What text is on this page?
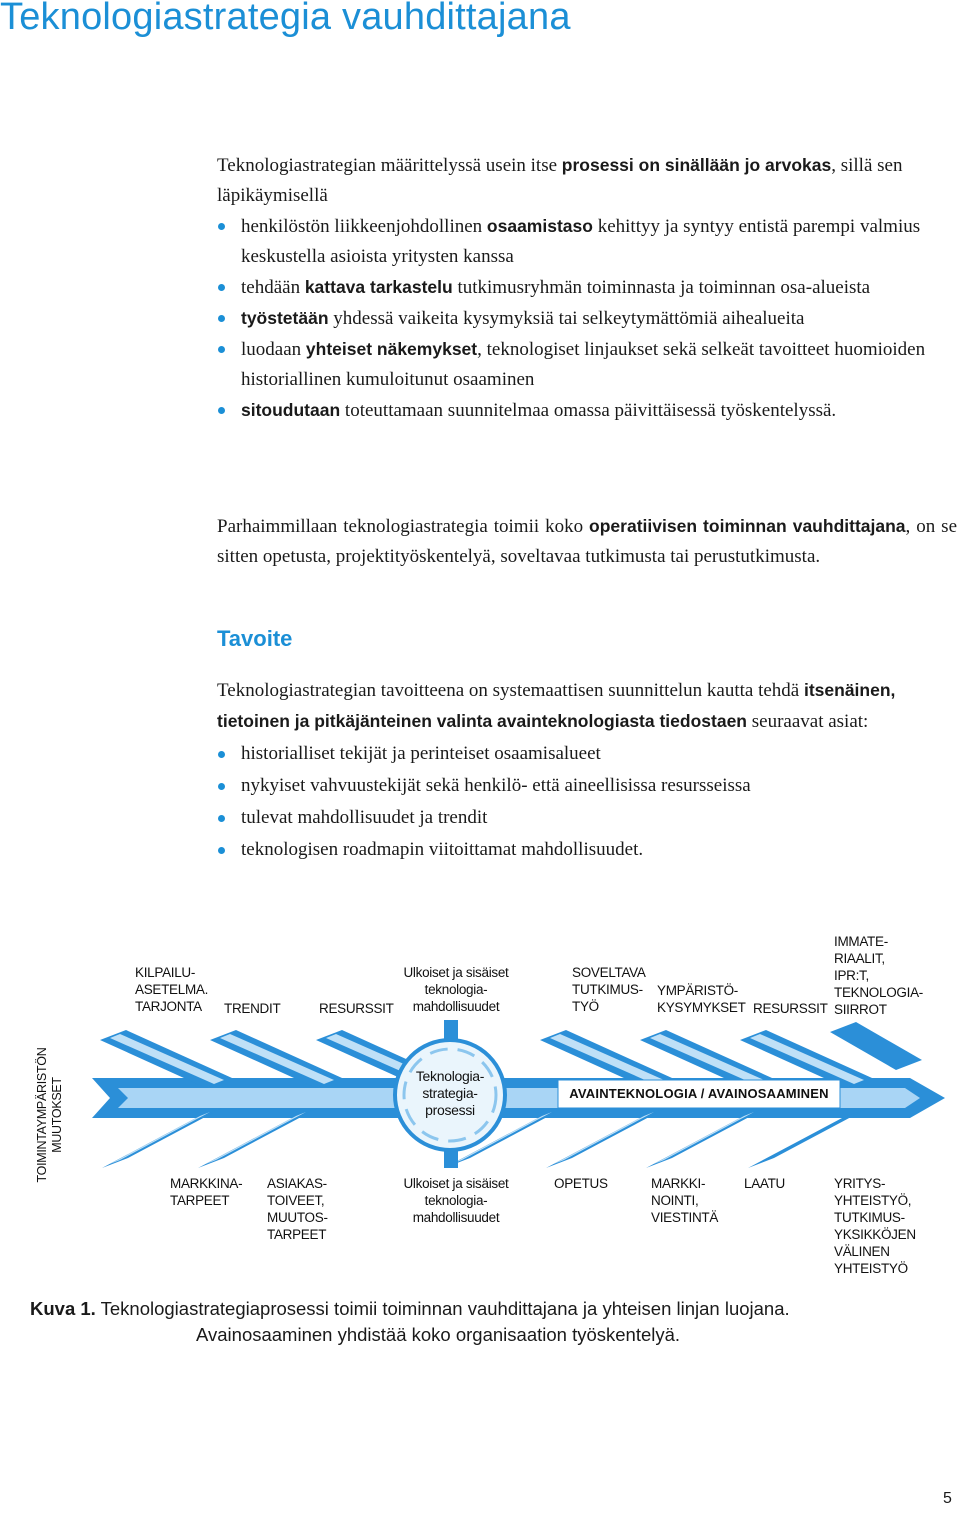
Teknologiastrategia vauhdittajana
Teknologiastrategian määrittelyssä usein itse prosessi on sinällään jo arvokas, sillä sen läpikäymisellä
henkilöstön liikkeenjohdollinen osaamistaso kehittyy ja syntyy entistä parempi valmius keskustella asioista yritysten kanssa
tehdään kattava tarkastelu tutkimusryhmän toiminnasta ja toiminnan osa-alueista
työstetään yhdessä vaikeita kysymyksiä tai selkeytymättömiä aihealueita
luodaan yhteiset näkemykset, teknologiset linjaukset sekä selkeät tavoitteet huomioiden historiallinen kumuloitunut osaaminen
sitoudutaan toteuttamaan suunnitelmaa omassa päivittäisessä työskentelyssä.
Parhaimmillaan teknologiastrategia toimii koko operatiivisen toiminnan vauhdittajana, on se sitten opetusta, projektityöskentelyä, soveltavaa tutkimusta tai perustutkimusta.
Tavoite
Teknologiastrategian tavoitteena on systemaattisen suunnittelun kautta tehdä itsenäinen, tietoinen ja pitkäjänteinen valinta avainteknologiasta tiedostaen seuraavat asiat:
historialliset tekijät ja perinteiset osaamisalueet
nykyiset vahvuustekijät sekä henkilö- että aineellisissa resursseissa
tulevat mahdollisuudet ja trendit
teknologisen roadmapin viitoittamat mahdollisuudet.
TOIMINTAYMPÄRISTÖN
MUUTOKSET
KILPAILU-
ASETELMA.
TARJONTA	TRENDIT	RESURSSIT
Ulkoiset ja sisäiset
teknologia-
mahdollisuudet
SOVELTAVA
TUTKIMUS-
TYÖ
YMPÄRISTÖ-
KYSYMYKSET RESURSSIT
IMMATE-
RIAALIT,
IPR:T,
TEKNOLOGIA-
SIIRROT
Teknologia-
strategia-
prosessi
AVAINTEKNOLOGIA / AVAINOSAAMINEN
MARKKINA-
TARPEET
ASIAKAS-
TOIVEET,
MUUTOS-
TARPEET
Ulkoiset ja sisäiset
teknologia-
mahdollisuudet
OPETUS	MARKKI-
NOINTI,
VIESTINTÄ
LAATU	YRITYS-
YHTEISTYÖ,
TUTKIMUS-
YKSIKKÖJEN
VÄLINEN
YHTEISTYÖ
Kuva 1. Teknologiastrategiaprosessi toimii toiminnan vauhdittajana ja yhteisen linjan luojana.
Avainosaaminen yhdistää koko organisaation työskentelyä.
5
